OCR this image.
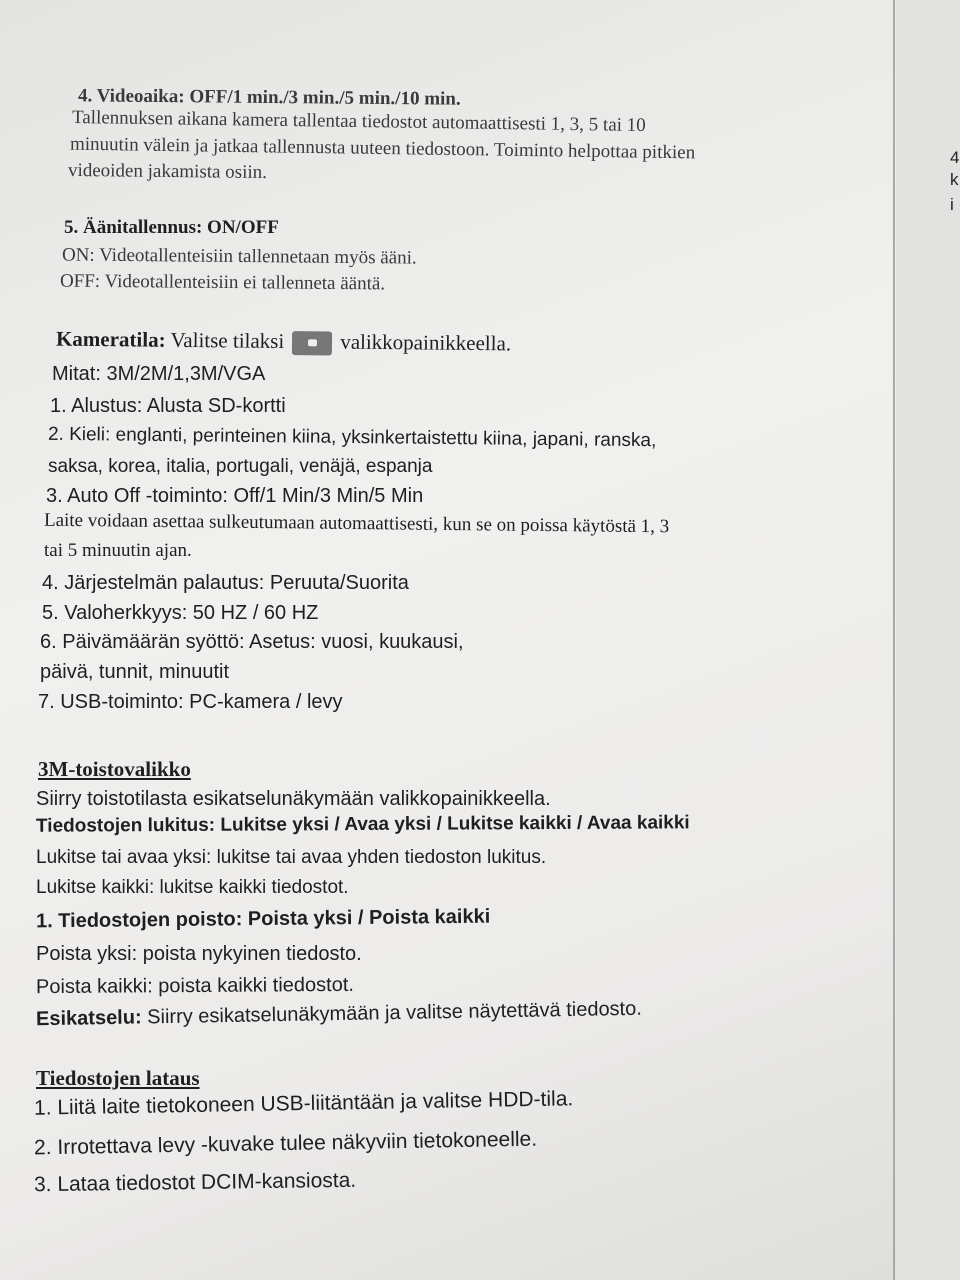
4. Videoaika: OFF/1 min./3 min./5 min./10 min.
Tallennuksen aikana kamera tallentaa tiedostot automaattisesti 1, 3, 5 tai 10
minuutin välein ja jatkaa tallennusta uuteen tiedostoon. Toiminto helpottaa pitkien
videoiden jakamista osiin.
5. Äänitallennus: ON/OFF
ON: Videotallenteisiin tallennetaan myös ääni.
OFF: Videotallenteisiin ei tallenneta ääntä.
Kameratila: Valitse tilaksi	valikkopainikkeella.
Mitat: 3M/2M/1,3M/VGA
1. Alustus: Alusta SD-kortti
2. Kieli: englanti, perinteinen kiina, yksinkertaistettu kiina, japani, ranska,
saksa, korea, italia, portugali, venäjä, espanja
3. Auto Off -toiminto: Off/1 Min/3 Min/5 Min
Laite voidaan asettaa sulkeutumaan automaattisesti, kun se on poissa käytöstä 1, 3
tai 5 minuutin ajan.
4. Järjestelmän palautus: Peruuta/Suorita
5. Valoherkkyys: 50 HZ / 60 HZ
6. Päivämäärän syöttö: Asetus: vuosi, kuukausi,
päivä, tunnit, minuutit
7. USB-toiminto: PC-kamera / levy
3M-toistovalikko
Siirry toistotilasta esikatselunäkymään valikkopainikkeella.
Tiedostojen lukitus: Lukitse yksi / Avaa yksi / Lukitse kaikki / Avaa kaikki
Lukitse tai avaa yksi: lukitse tai avaa yhden tiedoston lukitus.
Lukitse kaikki: lukitse kaikki tiedostot.
1. Tiedostojen poisto: Poista yksi / Poista kaikki
Poista yksi: poista nykyinen tiedosto.
Poista kaikki: poista kaikki tiedostot.
Esikatselu: Siirry esikatselunäkymään ja valitse näytettävä tiedosto.
Tiedostojen lataus
1. Liitä laite tietokoneen USB-liitäntään ja valitse HDD-tila.
2. Irrotettava levy -kuvake tulee näkyviin tietokoneelle.
3. Lataa tiedostot DCIM-kansiosta.
4
k
i
